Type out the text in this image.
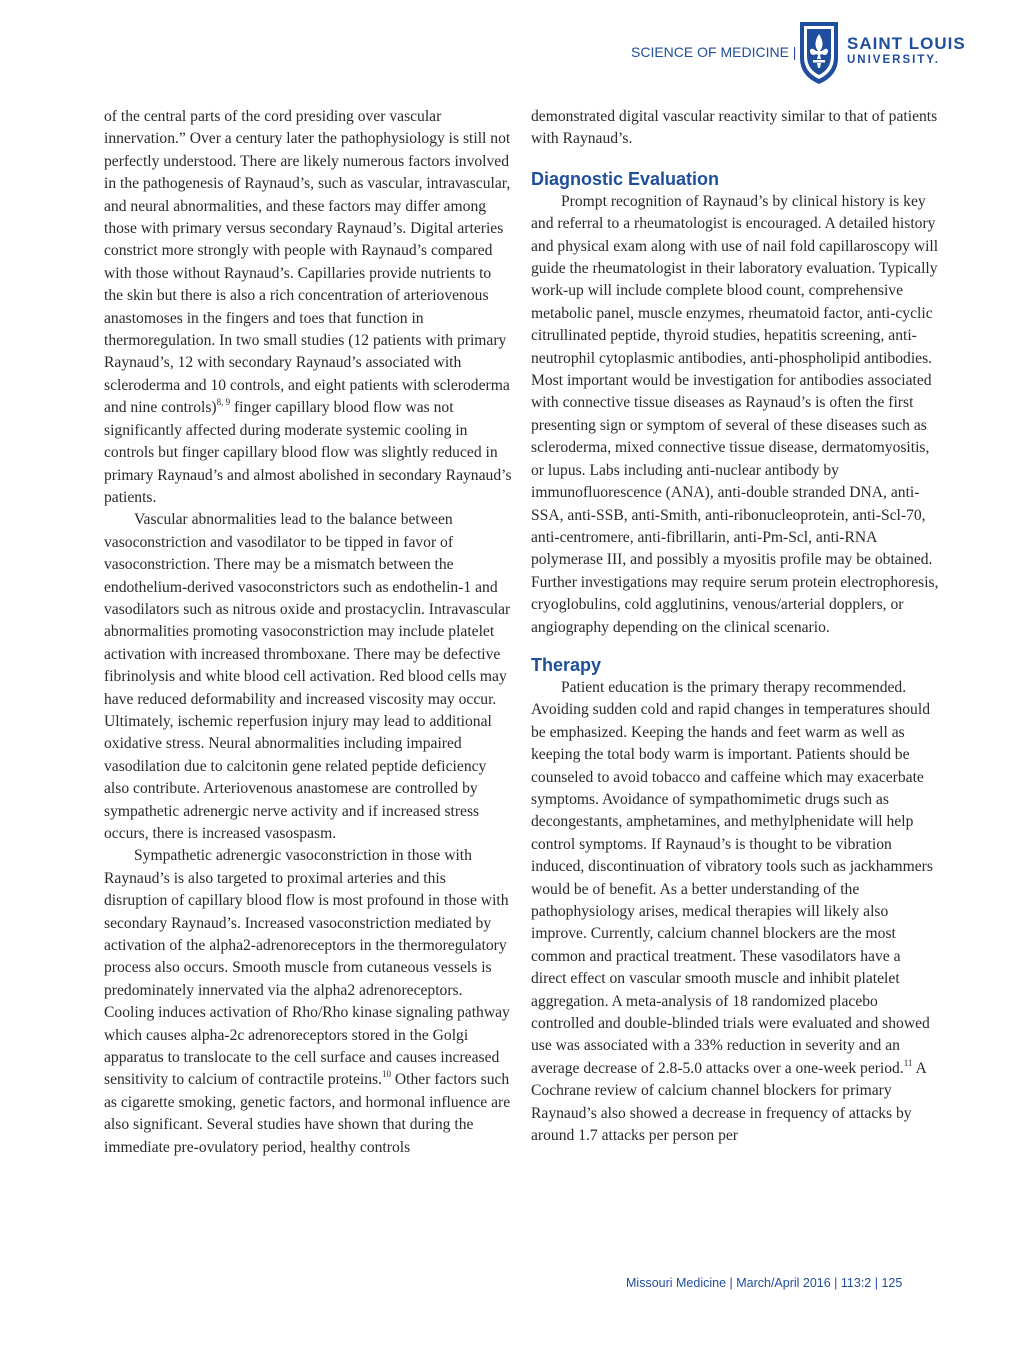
SCIENCE OF MEDICINE |	SAINT LOUIS
UNIVERSITY.

of the central parts of the cord presiding over vascular innervation.” Over a century later the pathophysiology is still not perfectly understood. There are likely numerous factors involved in the pathogenesis of Raynaud’s, such as vascular, intravascular, and neural abnormalities, and these factors may differ among those with primary versus secondary Raynaud’s. Digital arteries constrict more strongly with people with Raynaud’s compared with those without Raynaud’s. Capillaries provide nutrients to the skin but there is also a rich concentration of arteriovenous anastomoses in the fingers and toes that function in thermoregulation. In two small studies (12 patients with primary Raynaud’s, 12 with secondary Raynaud’s associated with scleroderma and 10 controls, and eight patients with scleroderma and nine controls)$^{8, 9}$ finger capillary blood flow was not significantly affected during moderate systemic cooling in controls but finger capillary blood flow was slightly reduced in primary Raynaud’s and almost abolished in secondary Raynaud’s patients.

Vascular abnormalities lead to the balance between vasoconstriction and vasodilator to be tipped in favor of vasoconstriction. There may be a mismatch between the endothelium-derived vasoconstrictors such as endothelin-1 and vasodilators such as nitrous oxide and prostacyclin. Intravascular abnormalities promoting vasoconstriction may include platelet activation with increased thromboxane. There may be defective fibrinolysis and white blood cell activation. Red blood cells may have reduced deformability and increased viscosity may occur. Ultimately, ischemic reperfusion injury may lead to additional oxidative stress. Neural abnormalities including impaired vasodilation due to calcitonin gene related peptide deficiency also contribute. Arteriovenous anastomese are controlled by sympathetic adrenergic nerve activity and if increased stress occurs, there is increased vasospasm.

Sympathetic adrenergic vasoconstriction in those with Raynaud’s is also targeted to proximal arteries and this disruption of capillary blood flow is most profound in those with secondary Raynaud’s. Increased vasoconstriction mediated by activation of the alpha2-adrenoreceptors in the thermoregulatory process also occurs. Smooth muscle from cutaneous vessels is predominately innervated via the alpha2 adrenoreceptors. Cooling induces activation of Rho/Rho kinase signaling pathway which causes alpha-2c adrenoreceptors stored in the Golgi apparatus to translocate to the cell surface and causes increased sensitivity to calcium of contractile proteins.$^{10}$ Other factors such as cigarette smoking, genetic factors, and hormonal influence are also significant. Several studies have shown that during the immediate pre-ovulatory period, healthy controls

demonstrated digital vascular reactivity similar to that of patients with Raynaud’s.

Diagnostic Evaluation

Prompt recognition of Raynaud’s by clinical history is key and referral to a rheumatologist is encouraged. A detailed history and physical exam along with use of nail fold capillaroscopy will guide the rheumatologist in their laboratory evaluation. Typically work-up will include complete blood count, comprehensive metabolic panel, muscle enzymes, rheumatoid factor, anti-cyclic citrullinated peptide, thyroid studies, hepatitis screening, anti-neutrophil cytoplasmic antibodies, anti-phospholipid antibodies. Most important would be investigation for antibodies associated with connective tissue diseases as Raynaud’s is often the first presenting sign or symptom of several of these diseases such as scleroderma, mixed connective tissue disease, dermatomyositis, or lupus. Labs including anti-nuclear antibody by immunofluorescence (ANA), anti-double stranded DNA, anti-SSA, anti-SSB, anti-Smith, anti-ribonucleoprotein, anti-Scl-70, anti-centromere, anti-fibrillarin, anti-Pm-Scl, anti-RNA polymerase III, and possibly a myositis profile may be obtained. Further investigations may require serum protein electrophoresis, cryoglobulins, cold agglutinins, venous/arterial dopplers, or angiography depending on the clinical scenario.

Therapy

Patient education is the primary therapy recommended. Avoiding sudden cold and rapid changes in temperatures should be emphasized. Keeping the hands and feet warm as well as keeping the total body warm is important. Patients should be counseled to avoid tobacco and caffeine which may exacerbate symptoms. Avoidance of sympathomimetic drugs such as decongestants, amphetamines, and methylphenidate will help control symptoms. If Raynaud’s is thought to be vibration induced, discontinuation of vibratory tools such as jackhammers would be of benefit. As a better understanding of the pathophysiology arises, medical therapies will likely also improve. Currently, calcium channel blockers are the most common and practical treatment. These vasodilators have a direct effect on vascular smooth muscle and inhibit platelet aggregation. A meta-analysis of 18 randomized placebo controlled and double-blinded trials were evaluated and showed use was associated with a 33% reduction in severity and an average decrease of 2.8-5.0 attacks over a one-week period.$^{11}$ A Cochrane review of calcium channel blockers for primary Raynaud’s also showed a decrease in frequency of attacks by around 1.7 attacks per person per

Missouri Medicine | March/April 2016 | 113:2 | 125
